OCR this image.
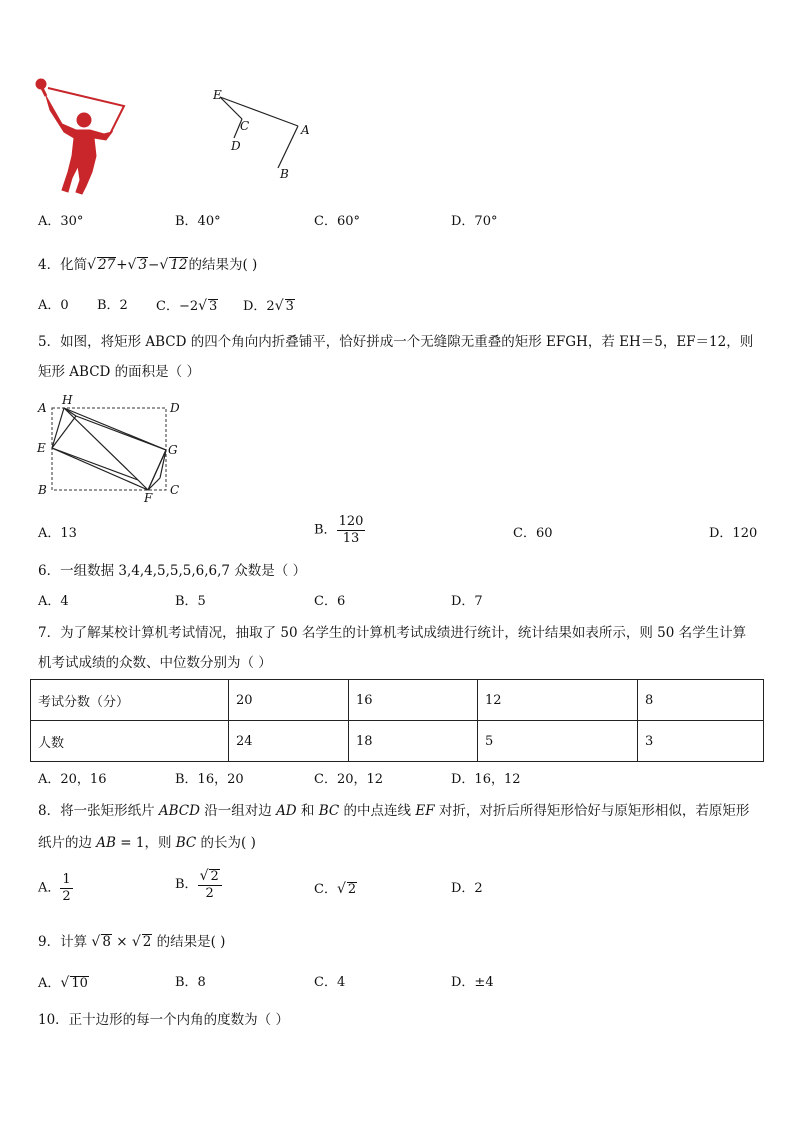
E
C
D
A
B
A．30°	B．40°	C．60°	D．70°
4．化简√ 27+√ 3−√ 12的结果为( )
A．0 B．2 C．−2√ 3 D．2√ 3
5．如图，将矩形 ABCD 的四个角向内折叠铺平，恰好拼成一个无缝隙无重叠的矩形 EFGH，若 EH＝5，EF＝12，则
矩形 ABCD 的面积是（ ）
A
H
D
E	G
B
F
C
A．13	B． $\frac{120}{13}$	C．60	D．120
6．一组数据 3,4,4,5,5,5,6,6,7 众数是（ ）
A．4	B．5	C．6	D．7
7．为了解某校计算机考试情况，抽取了 50 名学生的计算机考试成绩进行统计，统计结果如表所示，则 50 名学生计算
机考试成绩的众数、中位数分别为（ ）
考试分数（分）	20	16	12	8
人数	24	18	5	3
A．20，16	B．16，20	C．20，12	D．16，12
8．将一张矩形纸片 ABCD 沿一组对边 AD 和 BC 的中点连线 EF 对折，对折后所得矩形恰好与原矩形相似，若原矩形
纸片的边 AB = 1，则 BC 的长为( )
A． $\frac{1}{2}$	B． $\frac{√ 2}{2}$	C．√ 2	D．2
9．计算 √ 8 × √ 2 的结果是( )
A．√ 10	B．8	C．4	D．±4
10．正十边形的每一个内角的度数为（ ）
